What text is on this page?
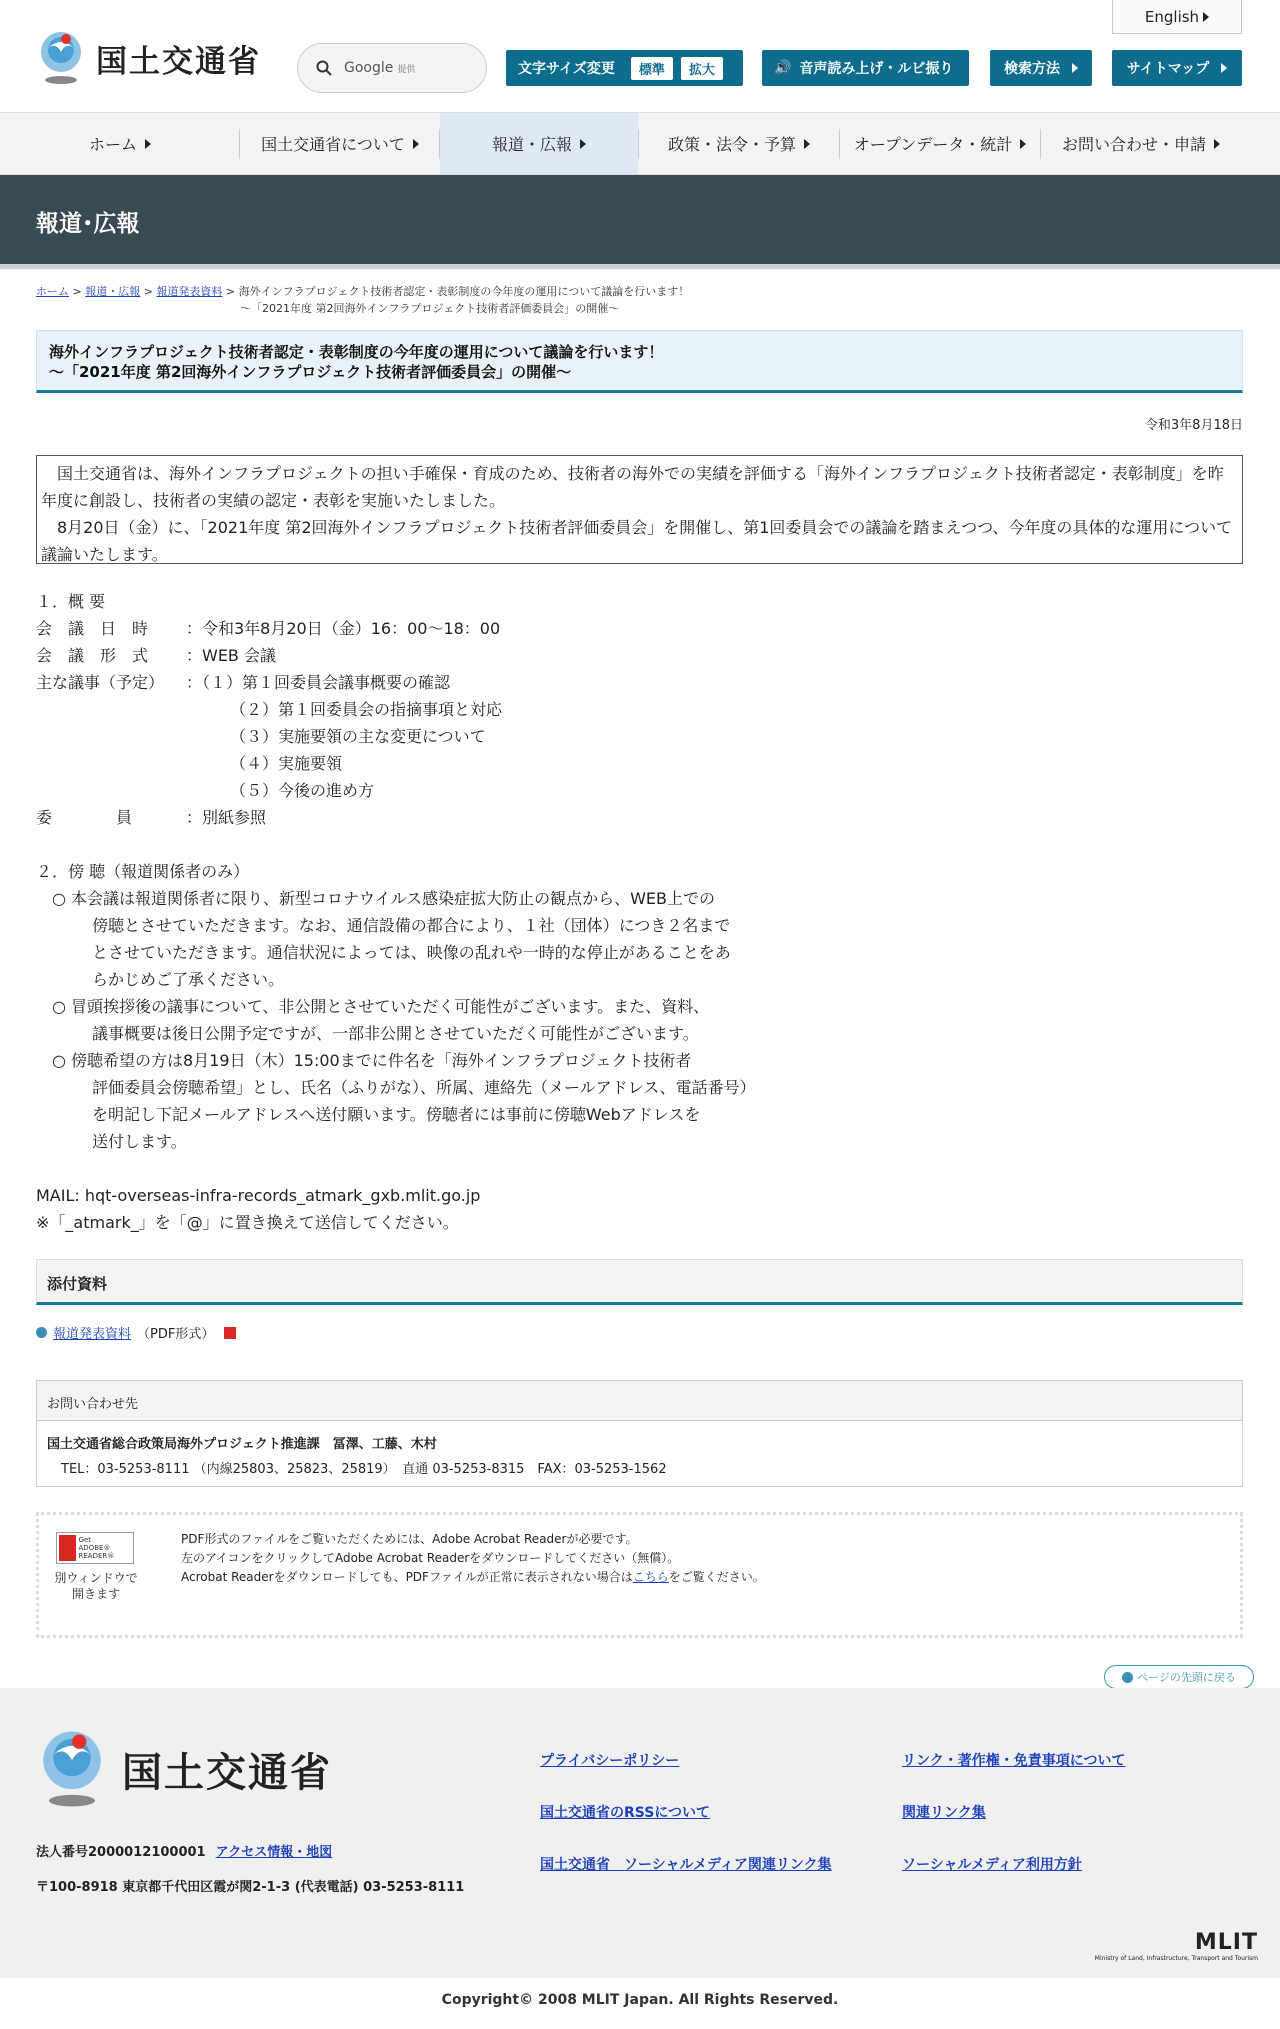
English
国土交通省	Google 提供	文字サイズ変更	標準	拡大	🔊 音声読み上げ・ルビ振り	検索方法	サイトマップ
ホーム	国土交通省について	報道・広報	政策・法令・予算	オープンデータ・統計	お問い合わせ・申請
報道･広報
ホーム > 報道・広報 > 報道発表資料 > 海外インフラプロジェクト技術者認定・表彰制度の今年度の運用について議論を行います！
～「2021年度 第2回海外インフラプロジェクト技術者評価委員会」の開催～
海外インフラプロジェクト技術者認定・表彰制度の今年度の運用について議論を行います！
～「2021年度 第2回海外インフラプロジェクト技術者評価委員会」の開催～
令和3年8月18日
　国土交通省は、海外インフラプロジェクトの担い手確保・育成のため、技術者の海外での実績を評価する「海外インフラプロジェクト技術者認定・表彰制度」を昨年度に創設し、技術者の実績の認定・表彰を実施いたしました。
　8月20日（金）に、「2021年度 第2回海外インフラプロジェクト技術者評価委員会」を開催し、第1回委員会での議論を踏まえつつ、今年度の具体的な運用について議論いたします。
１．概 要
会　議　日　時　	：令和3年8月20日（金）16：00～18：00
会　議　形　式　	：WEB 会議
主な議事（予定）	：（１）第１回委員会議事概要の確認
（２）第１回委員会の指摘事項と対応
（３）実施要領の主な変更について
（４）実施要領
（５）今後の進め方
委　　　　員　	：別紙参照
２．傍 聴（報道関係者のみ）
○ 本会議は報道関係者に限り、新型コロナウイルス感染症拡大防止の観点から、WEB上での
傍聴とさせていただきます。なお、通信設備の都合により、１社（団体）につき２名まで
とさせていただきます。通信状況によっては、映像の乱れや一時的な停止があることをあ
らかじめご了承ください。
○ 冒頭挨拶後の議事について、非公開とさせていただく可能性がございます。また、資料、
議事概要は後日公開予定ですが、一部非公開とさせていただく可能性がございます。
○ 傍聴希望の方は8月19日（木）15:00までに件名を「海外インフラプロジェクト技術者
評価委員会傍聴希望」とし、氏名（ふりがな）、所属、連絡先（メールアドレス、電話番号）
を明記し下記メールアドレスへ送付願います。傍聴者には事前に傍聴Webアドレスを
送付します。
MAIL: hqt-overseas-infra-records_atmark_gxb.mlit.go.jp
※「_atmark_」を「@」に置き換えて送信してください。
添付資料
報道発表資料 （PDF形式）
お問い合わせ先
国土交通省総合政策局海外プロジェクト推進課　冨澤、工藤、木村
TEL：03-5253-8111 （内線25803、25823、25819）　直通 03-5253-8315　FAX：03-5253-1562
Get
ADOBE® READER®
別ウィンドウで開きます
PDF形式のファイルをご覧いただくためには、Adobe Acrobat Readerが必要です。
左のアイコンをクリックしてAdobe Acrobat Readerをダウンロードしてください（無償）。
Acrobat Readerをダウンロードしても、PDFファイルが正常に表示されない場合はこちらをご覧ください。
ページの先頭に戻る
国土交通省
法人番号2000012100001 アクセス情報・地図
〒100-8918 東京都千代田区霞が関2-1-3 (代表電話) 03-5253-8111
プライバシーポリシー	リンク・著作権・免責事項について
国土交通省のRSSについて	関連リンク集
国土交通省　ソーシャルメディア関連リンク集	ソーシャルメディア利用方針
MLIT
Ministry of Land, Infrastructure, Transport and Tourism
Copyright© 2008 MLIT Japan. All Rights Reserved.
